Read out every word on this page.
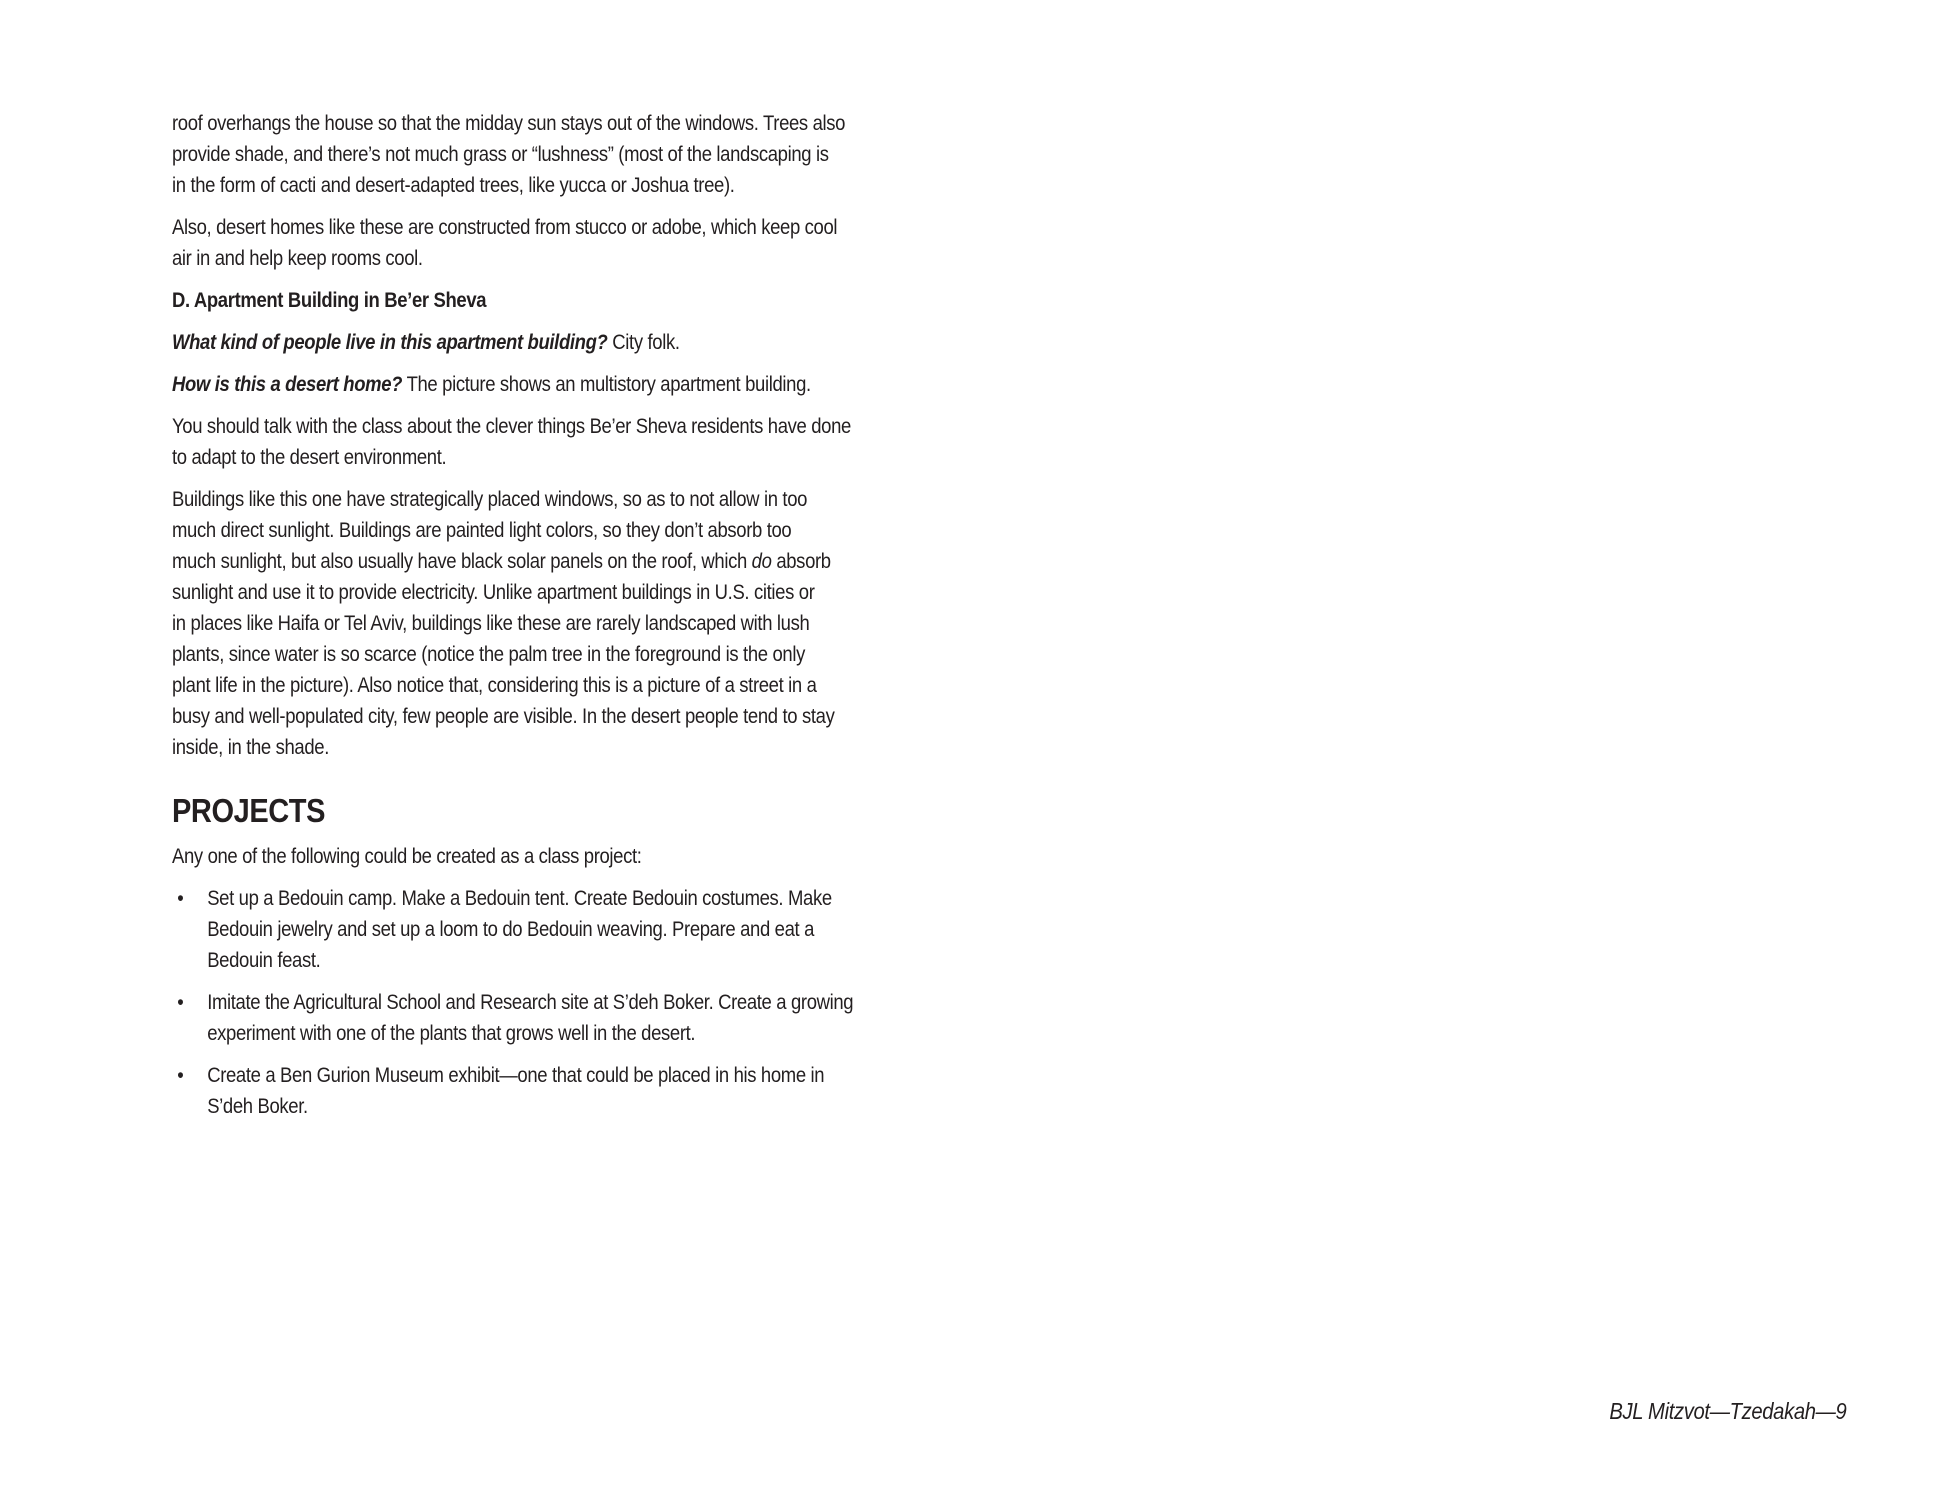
roof overhangs the house so that the midday sun stays out of the windows. Trees also
provide shade, and there’s not much grass or “lushness” (most of the landscaping is
in the form of cacti and desert-adapted trees, like yucca or Joshua tree).

Also, desert homes like these are constructed from stucco or adobe, which keep cool
air in and help keep rooms cool.

D. Apartment Building in Be’er Sheva

What kind of people live in this apartment building? City folk.

How is this a desert home? The picture shows an multistory apartment building.

You should talk with the class about the clever things Be’er Sheva residents have done
to adapt to the desert environment.

Buildings like this one have strategically placed windows, so as to not allow in too
much direct sunlight. Buildings are painted light colors, so they don’t absorb too
much sunlight, but also usually have black solar panels on the roof, which do absorb
sunlight and use it to provide electricity. Unlike apartment buildings in U.S. cities or
in places like Haifa or Tel Aviv, buildings like these are rarely landscaped with lush
plants, since water is so scarce (notice the palm tree in the foreground is the only
plant life in the picture). Also notice that, considering this is a picture of a street in a
busy and well-populated city, few people are visible. In the desert people tend to stay
inside, in the shade.

PROJECTS

Any one of the following could be created as a class project:

• Set up a Bedouin camp. Make a Bedouin tent. Create Bedouin costumes. Make
Bedouin jewelry and set up a loom to do Bedouin weaving. Prepare and eat a
Bedouin feast.
• Imitate the Agricultural School and Research site at S’deh Boker. Create a growing
experiment with one of the plants that grows well in the desert.
• Create a Ben Gurion Museum exhibit—one that could be placed in his home in
S’deh Boker.
BJL Mitzvot—Tzedakah—9
